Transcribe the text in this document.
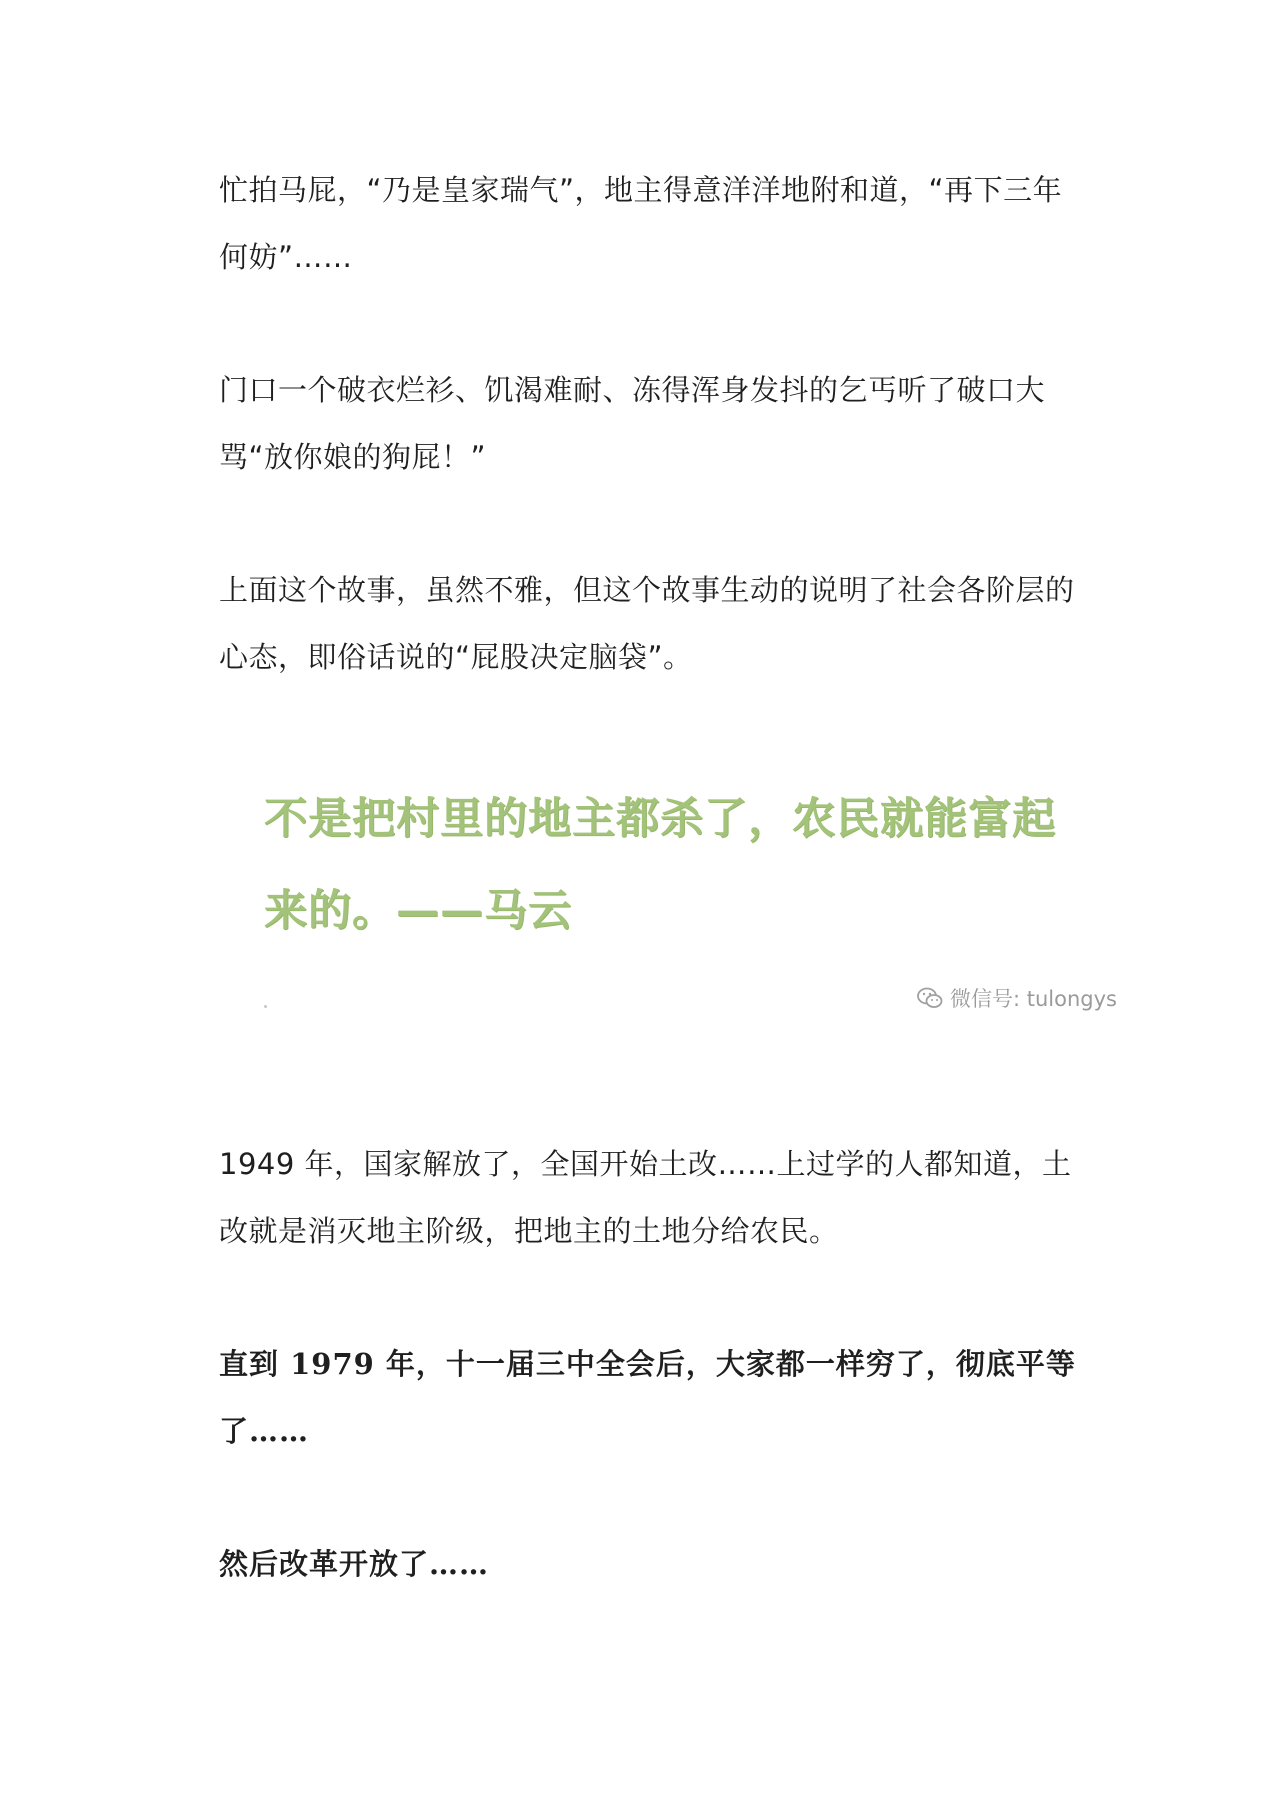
忙拍马屁，“乃是皇家瑞气”，地主得意洋洋地附和道，“再下三年何妨”……

门口一个破衣烂衫、饥渴难耐、冻得浑身发抖的乞丐听了破口大骂“放你娘的狗屁！”

上面这个故事，虽然不雅，但这个故事生动的说明了社会各阶层的心态，即俗话说的“屁股决定脑袋”。

不是把村里的地主都杀了，农民就能富起来的。——马云

微信号: tulongys

1949 年，国家解放了，全国开始土改……上过学的人都知道，土改就是消灭地主阶级，把地主的土地分给农民。

直到 1979 年，十一届三中全会后，大家都一样穷了，彻底平等了……

然后改革开放了……
